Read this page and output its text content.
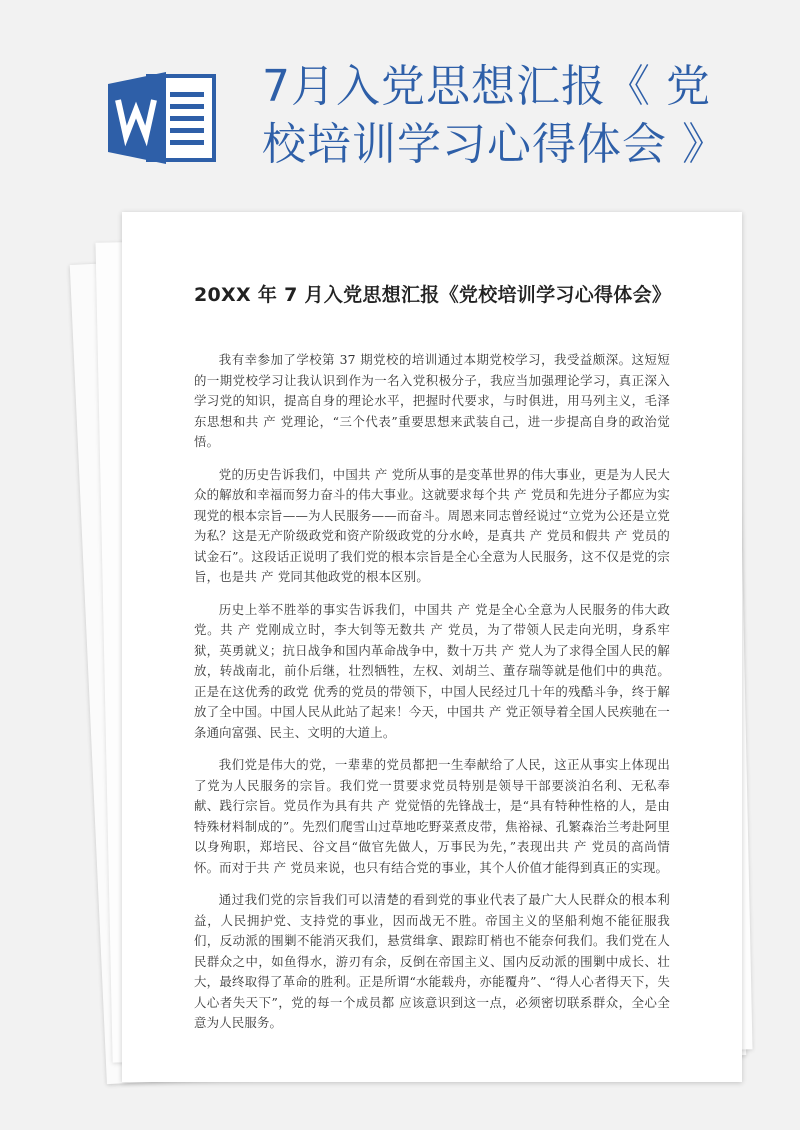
7月入党思想汇报《 党
校培训学习心得体会 》
20XX 年 7 月入党思想汇报《党校培训学习心得体会》

我有幸参加了学校第 37 期党校的培训通过本期党校学习，我受益颇深。这短短的一期党校学习让我认识到作为一名入党积极分子，我应当加强理论学习，真正深入学习党的知识，提高自身的理论水平，把握时代要求，与时俱进，用马列主义，毛泽东思想和共 产 党理论，“三个代表”重要思想来武装自己，进一步提高自身的政治觉悟。

党的历史告诉我们，中国共 产 党所从事的是变革世界的伟大事业，更是为人民大众的解放和幸福而努力奋斗的伟大事业。这就要求每个共 产 党员和先进分子都应为实现党的根本宗旨——为人民服务——而奋斗。周恩来同志曾经说过“立党为公还是立党为私？这是无产阶级政党和资产阶级政党的分水岭，是真共 产 党员和假共 产 党员的试金石”。这段话正说明了我们党的根本宗旨是全心全意为人民服务，这不仅是党的宗旨，也是共 产 党同其他政党的根本区别。

历史上举不胜举的事实告诉我们，中国共 产 党是全心全意为人民服务的伟大政党。共 产 党刚成立时，李大钊等无数共 产 党员，为了带领人民走向光明，身系牢狱，英勇就义；抗日战争和国内革命战争中，数十万共 产 党人为了求得全国人民的解放，转战南北，前仆后继，壮烈牺牲，左权、刘胡兰、董存瑞等就是他们中的典范。正是在这优秀的政党 优秀的党员的带领下，中国人民经过几十年的残酷斗争，终于解放了全中国。中国人民从此站了起来！今天，中国共 产 党正领导着全国人民疾驰在一条通向富强、民主、文明的大道上。

我们党是伟大的党，一辈辈的党员都把一生奉献给了人民，这正从事实上体现出了党为人民服务的宗旨。我们党一贯要求党员特别是领导干部要淡泊名利、无私奉献、践行宗旨。党员作为具有共 产 党觉悟的先锋战士，是“具有特种性格的人，是由特殊材料制成的”。先烈们爬雪山过草地吃野菜煮皮带，焦裕禄、孔繁森治兰考赴阿里以身殉职，郑培民、谷文昌“做官先做人，万事民为先，”表现出共 产 党员的高尚情怀。而对于共 产 党员来说，也只有结合党的事业，其个人价值才能得到真正的实现。

通过我们党的宗旨我们可以清楚的看到党的事业代表了最广大人民群众的根本利益，人民拥护党、支持党的事业，因而战无不胜。帝国主义的坚船利炮不能征服我们，反动派的围剿不能消灭我们，悬赏缉拿、跟踪盯梢也不能奈何我们。我们党在人民群众之中，如鱼得水，游刃有余，反倒在帝国主义、国内反动派的围剿中成长、壮大，最终取得了革命的胜利。正是所谓“水能载舟，亦能覆舟”、“得人心者得天下，失人心者失天下”，党的每一个成员都 应该意识到这一点，必须密切联系群众，全心全意为人民服务。
